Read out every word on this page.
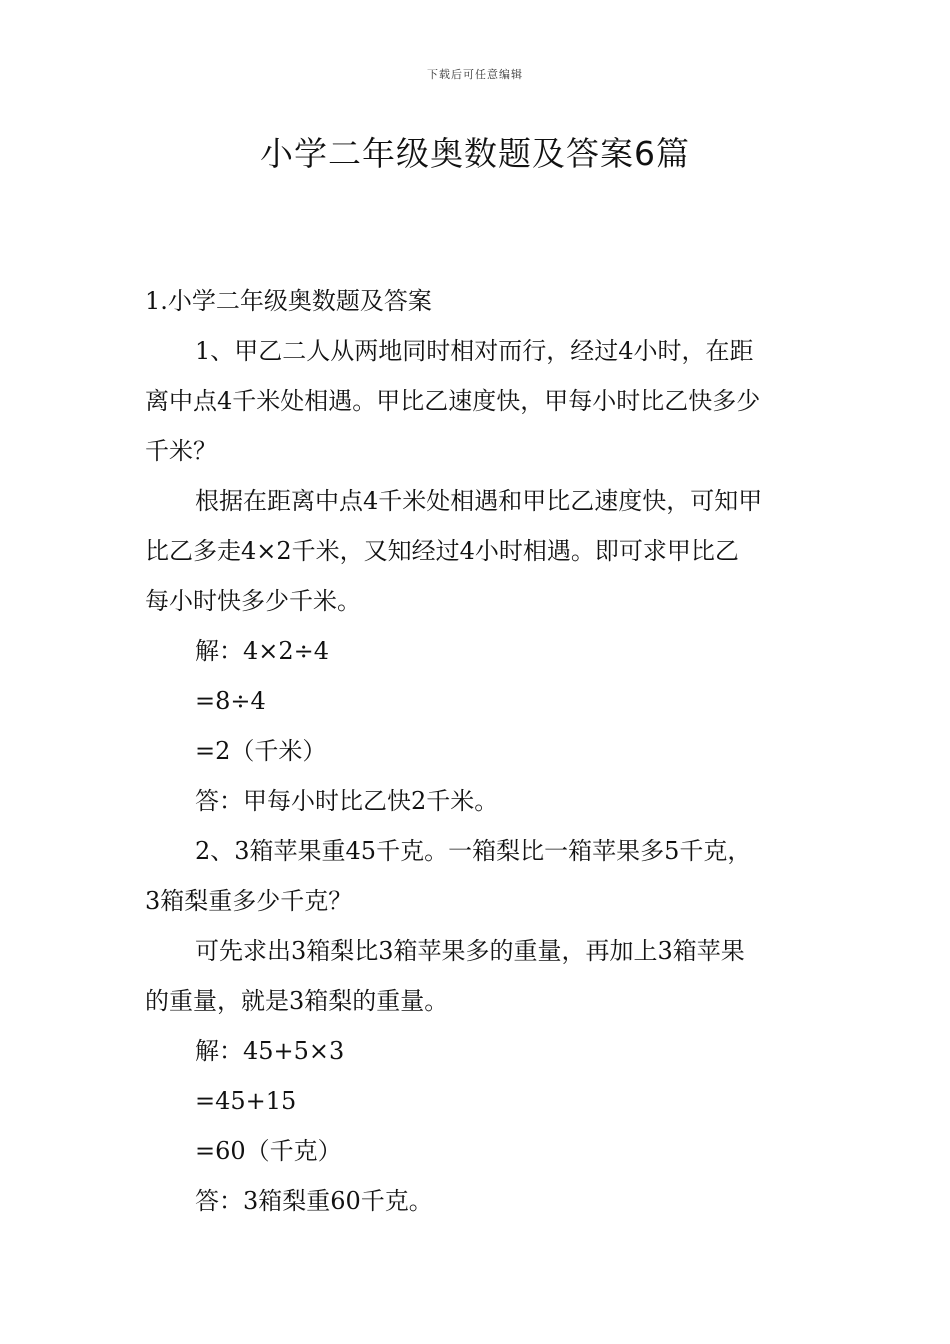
下载后可任意编辑
小学二年级奥数题及答案6篇
1.小学二年级奥数题及答案
1、甲乙二人从两地同时相对而行，经过4小时，在距
离中点4千米处相遇。甲比乙速度快，甲每小时比乙快多少
千米？
根据在距离中点4千米处相遇和甲比乙速度快，可知甲
比乙多走4×2千米，又知经过4小时相遇。即可求甲比乙
每小时快多少千米。
解：4×2÷4
=8÷4
=2（千米）
答：甲每小时比乙快2千米。
2、3箱苹果重45千克。一箱梨比一箱苹果多5千克，
3箱梨重多少千克？
可先求出3箱梨比3箱苹果多的重量，再加上3箱苹果
的重量，就是3箱梨的重量。
解：45+5×3
=45+15
=60（千克）
答：3箱梨重60千克。
